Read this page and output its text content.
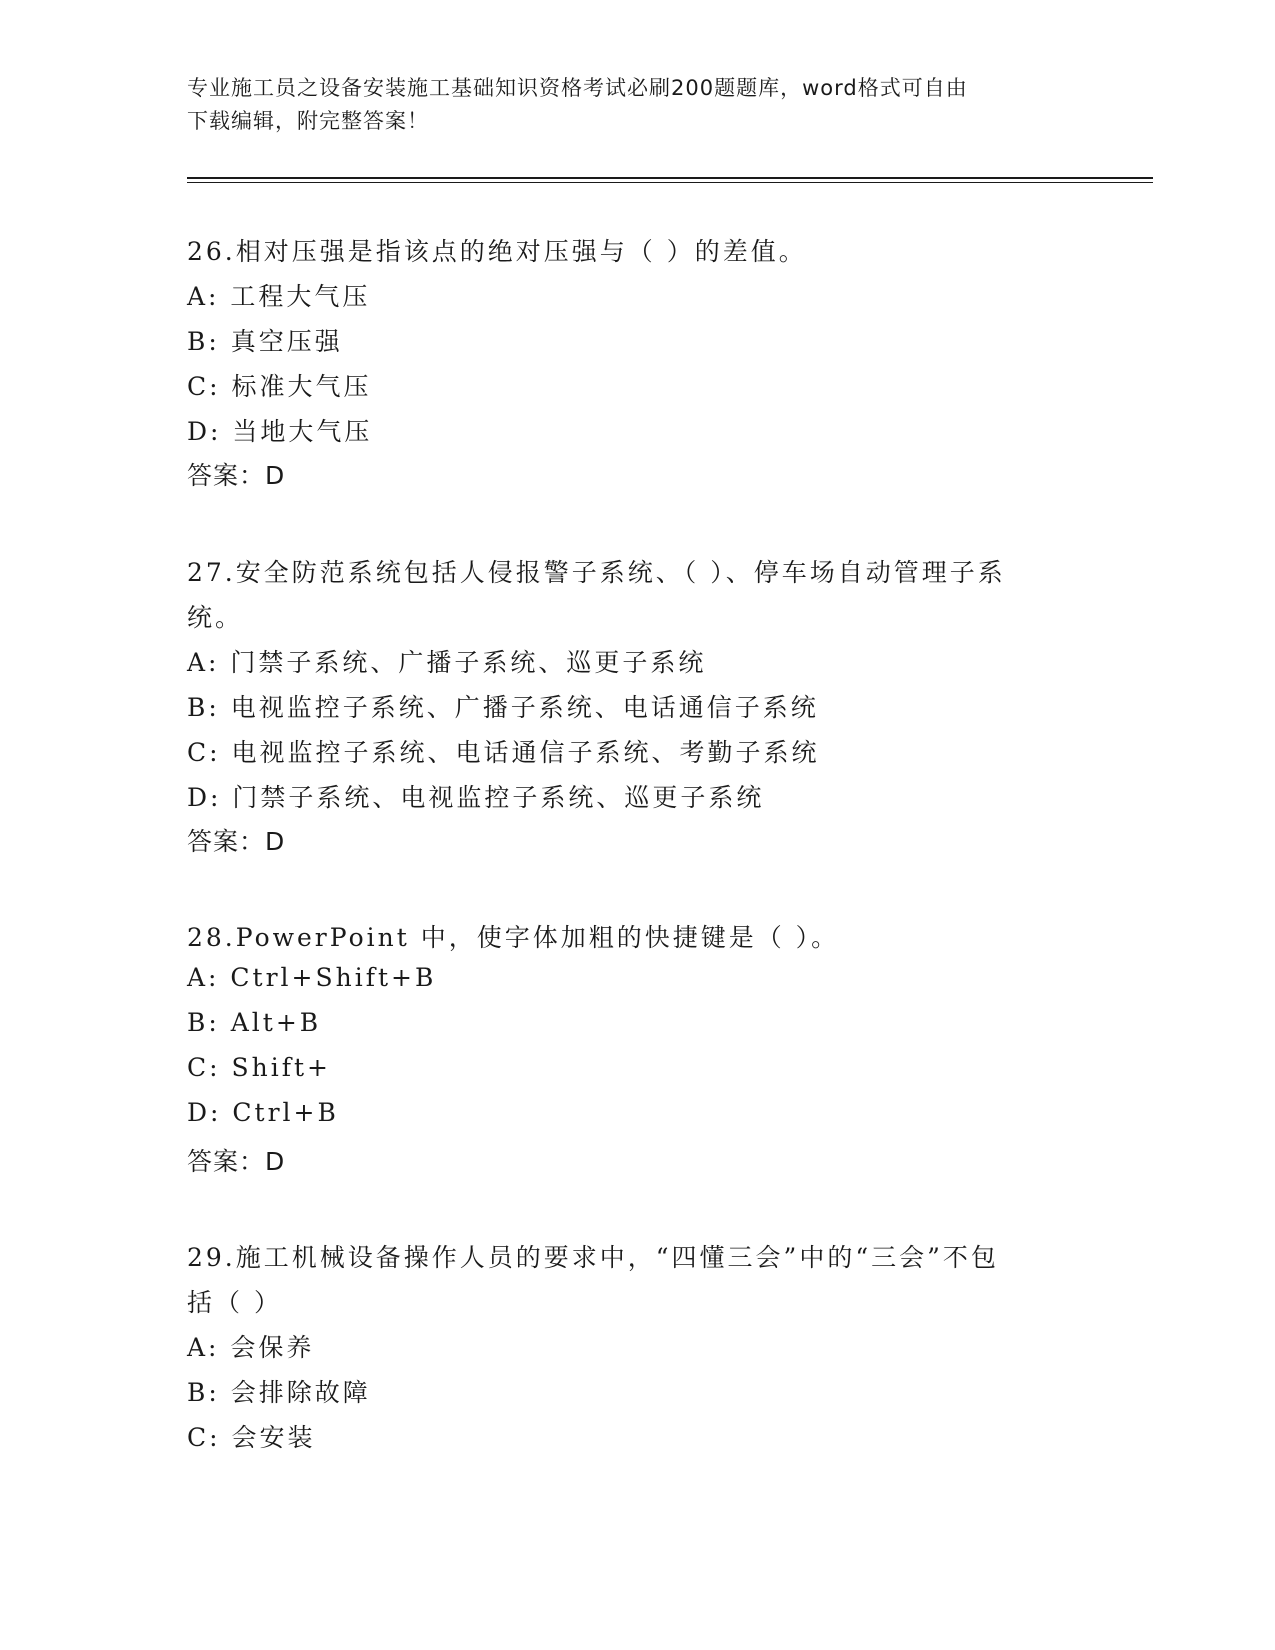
专业施工员之设备安装施工基础知识资格考试必刷200题题库，word格式可自由
下载编辑，附完整答案！
26.相对压强是指该点的绝对压强与（ ）的差值。
A: 工程大气压
B: 真空压强
C: 标准大气压
D: 当地大气压
答案：D
27.安全防范系统包括人侵报警子系统、（ ）、停车场自动管理子系
统。
A: 门禁子系统、广播子系统、巡更子系统
B: 电视监控子系统、广播子系统、电话通信子系统
C: 电视监控子系统、电话通信子系统、考勤子系统
D: 门禁子系统、电视监控子系统、巡更子系统
答案：D
28.PowerPoint 中，使字体加粗的快捷键是（ ）。
A: Ctrl+Shift+B
B: Alt+B
C: Shift+
D: Ctrl+B
答案：D
29.施工机械设备操作人员的要求中，“四懂三会”中的“三会”不包
括（ ）
A: 会保养
B: 会排除故障
C: 会安装
